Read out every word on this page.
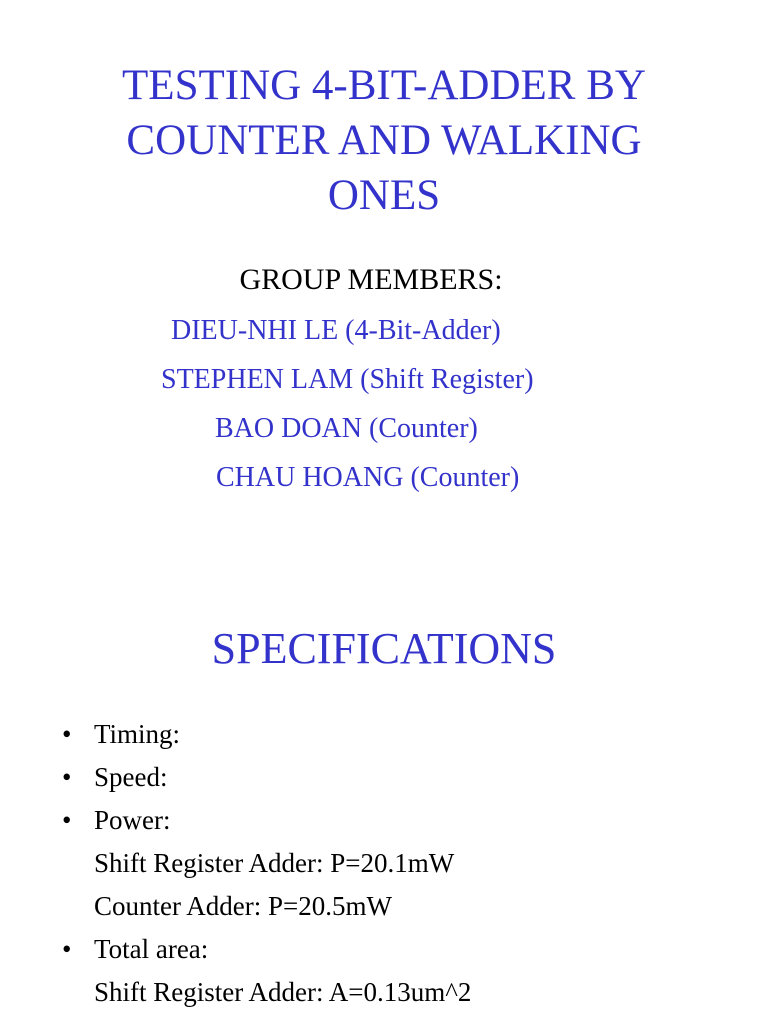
TESTING 4-BIT-ADDER BY
COUNTER AND WALKING
ONES
GROUP MEMBERS:
DIEU-NHI LE (4-Bit-Adder)
STEPHEN LAM (Shift Register)
BAO DOAN (Counter)
CHAU HOANG (Counter)
SPECIFICATIONS
• Timing:
• Speed:
• Power:
Shift Register Adder: P=20.1mW
Counter Adder: P=20.5mW
• Total area:
Shift Register Adder: A=0.13um^2
